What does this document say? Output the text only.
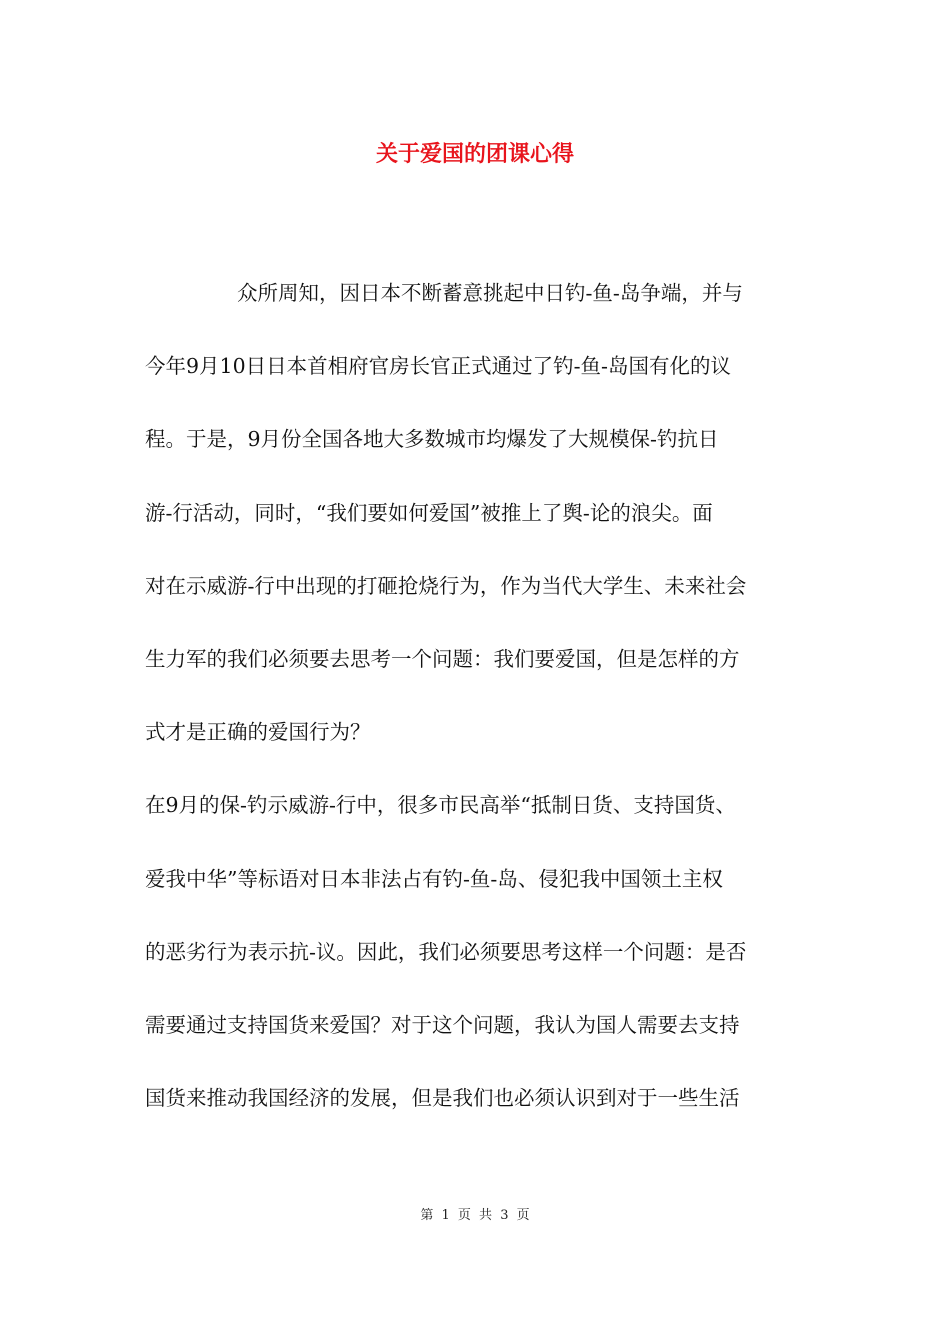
关于爱国的团课心得
众所周知，因日本不断蓄意挑起中日钓-鱼-岛争端，并与
今年9月10日日本首相府官房长官正式通过了钓-鱼-岛国有化的议
程。于是，9月份全国各地大多数城市均爆发了大规模保-钓抗日
游-行活动，同时，“我们要如何爱国”被推上了舆-论的浪尖。面
对在示威游-行中出现的打砸抢烧行为，作为当代大学生、未来社会
生力军的我们必须要去思考一个问题：我们要爱国，但是怎样的方
式才是正确的爱国行为？
在9月的保-钓示威游-行中，很多市民高举“抵制日货、支持国货、
爱我中华”等标语对日本非法占有钓-鱼-岛、侵犯我中国领土主权
的恶劣行为表示抗-议。因此，我们必须要思考这样一个问题：是否
需要通过支持国货来爱国？对于这个问题，我认为国人需要去支持
国货来推动我国经济的发展，但是我们也必须认识到对于一些生活
第 1 页 共 3 页
